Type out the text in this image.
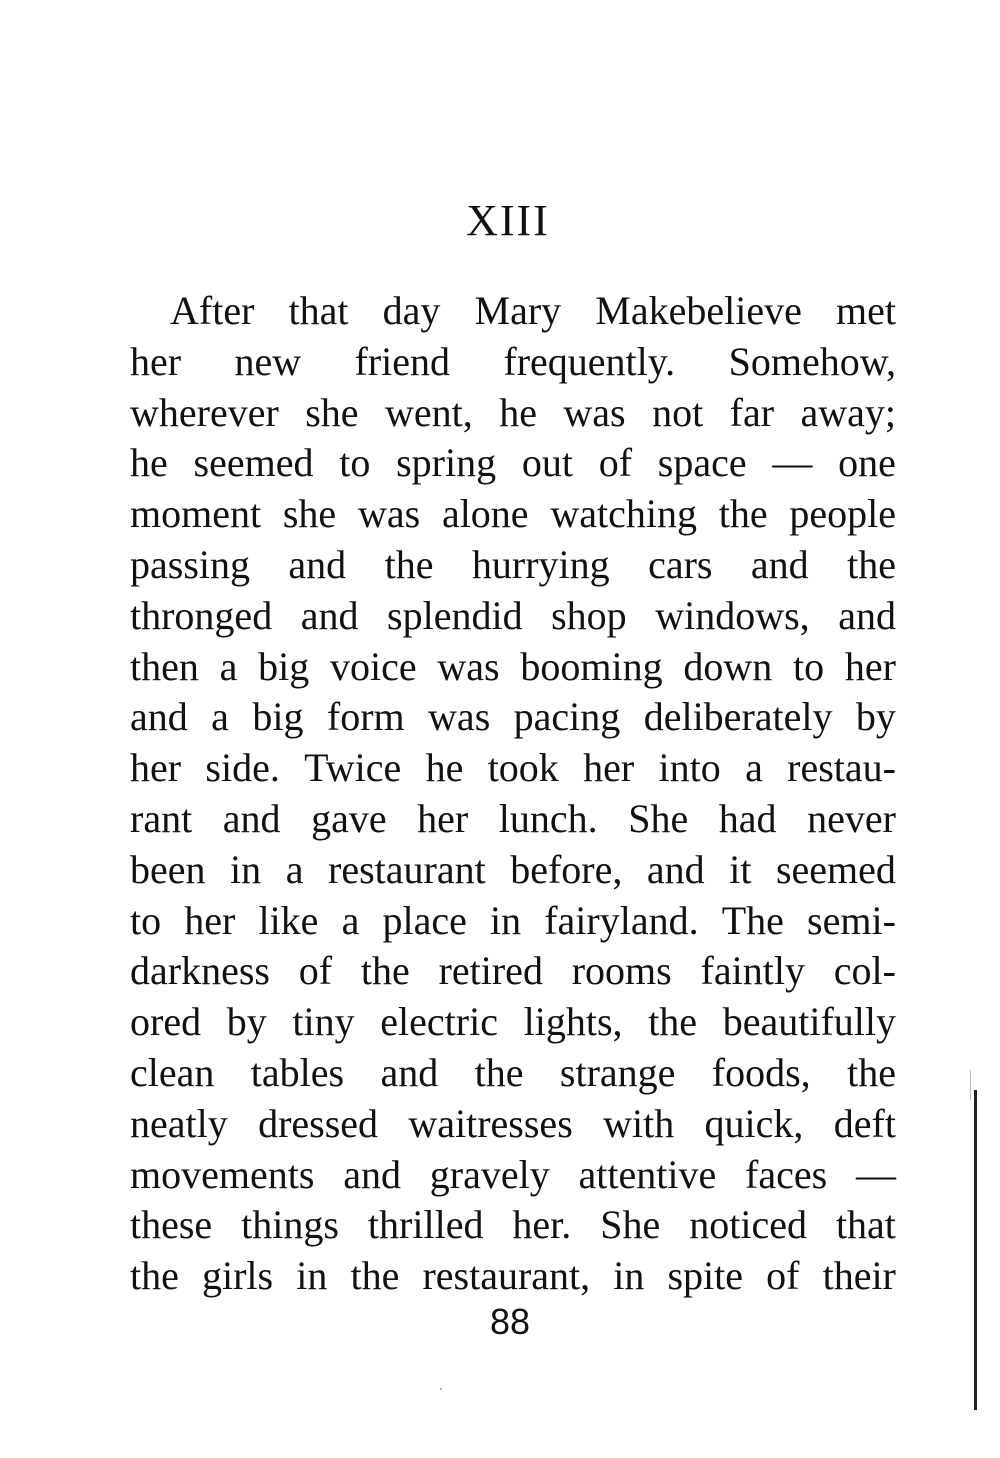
XIII
After that day Mary Makebelieve met
her new friend frequently. Somehow,
wherever she went, he was not far away;
he seemed to spring out of space — one
moment she was alone watching the people
passing and the hurrying cars and the
thronged and splendid shop windows, and
then a big voice was booming down to her
and a big form was pacing deliberately by
her side. Twice he took her into a restau-
rant and gave her lunch. She had never
been in a restaurant before, and it seemed
to her like a place in fairyland. The semi-
darkness of the retired rooms faintly col-
ored by tiny electric lights, the beautifully
clean tables and the strange foods, the
neatly dressed waitresses with quick, deft
movements and gravely attentive faces —
these things thrilled her. She noticed that
the girls in the restaurant, in spite of their
88
